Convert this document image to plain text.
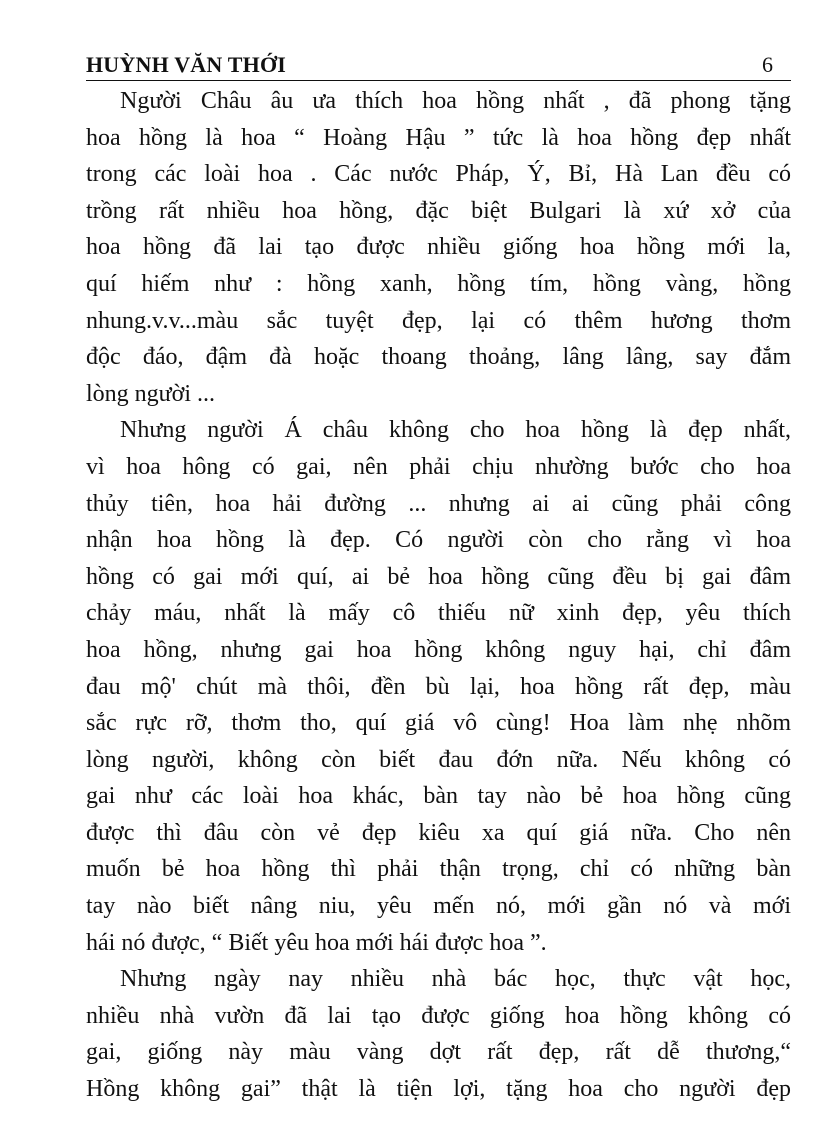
HUỲNH VĂN THỚI	6
Người Châu âu ưa thích hoa hồng nhất , đã phong tặng
hoa hồng là hoa “ Hoàng Hậu ” tức là hoa hồng đẹp nhất
trong các loài hoa . Các nước Pháp, Ý, Bỉ, Hà Lan đều có
trồng rất nhiều hoa hồng, đặc biệt Bulgari là xứ xở của
hoa hồng đã lai tạo được nhiều giống hoa hồng mới la,
quí hiếm như : hồng xanh, hồng tím, hồng vàng, hồng
nhung.v.v...màu sắc tuyệt đẹp, lại có thêm hương thơm
độc đáo, đậm đà hoặc thoang thoảng, lâng lâng, say đắm
lòng người ...
Nhưng người Á châu không cho hoa hồng là đẹp nhất,
vì hoa hông có gai, nên phải chịu nhường bước cho hoa
thủy tiên, hoa hải đường ... nhưng ai ai cũng phải công
nhận hoa hồng là đẹp. Có người còn cho rằng vì hoa
hồng có gai mới quí, ai bẻ hoa hồng cũng đều bị gai đâm
chảy máu, nhất là mấy cô thiếu nữ xinh đẹp, yêu thích
hoa hồng, nhưng gai hoa hồng không nguy hại, chỉ đâm
đau mộ' chút mà thôi, đền bù lại, hoa hồng rất đẹp, màu
sắc rực rỡ, thơm tho, quí giá vô cùng! Hoa làm nhẹ nhõm
lòng người, không còn biết đau đớn nữa. Nếu không có
gai như các loài hoa khác, bàn tay nào bẻ hoa hồng cũng
được thì đâu còn vẻ đẹp kiêu xa quí giá nữa. Cho nên
muốn bẻ hoa hồng thì phải thận trọng, chỉ có những bàn
tay nào biết nâng niu, yêu mến nó, mới gần nó và mới
hái nó được, “ Biết yêu hoa mới hái được hoa ”.
Nhưng ngày nay nhiều nhà bác học, thực vật học,
nhiều nhà vườn đã lai tạo được giống hoa hồng không có
gai, giống này màu vàng dợt rất đẹp, rất dễ thương,“
Hồng không gai” thật là tiện lợi, tặng hoa cho người đẹp
